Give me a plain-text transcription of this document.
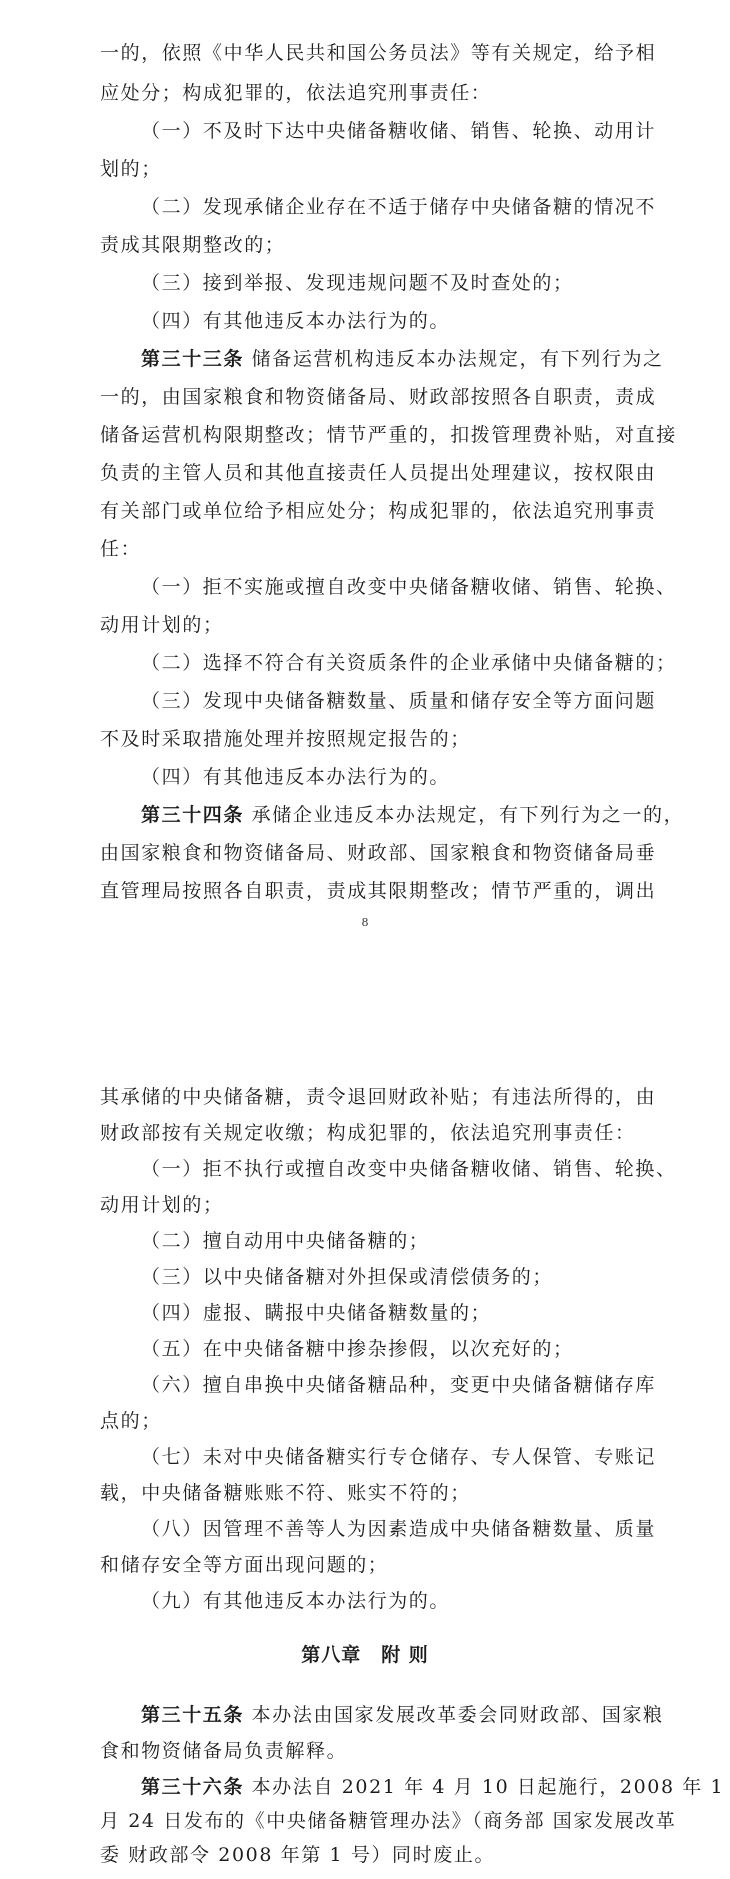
一的，依照《中华人民共和国公务员法》等有关规定，给予相
应处分；构成犯罪的，依法追究刑事责任：
（一）不及时下达中央储备糖收储、销售、轮换、动用计
划的；
（二）发现承储企业存在不适于储存中央储备糖的情况不
责成其限期整改的；
（三）接到举报、发现违规问题不及时查处的；
（四）有其他违反本办法行为的。
第三十三条 储备运营机构违反本办法规定，有下列行为之
一的，由国家粮食和物资储备局、财政部按照各自职责，责成
储备运营机构限期整改；情节严重的，扣拨管理费补贴，对直接
负责的主管人员和其他直接责任人员提出处理建议，按权限由
有关部门或单位给予相应处分；构成犯罪的，依法追究刑事责
任：
（一）拒不实施或擅自改变中央储备糖收储、销售、轮换、
动用计划的；
（二）选择不符合有关资质条件的企业承储中央储备糖的；
（三）发现中央储备糖数量、质量和储存安全等方面问题
不及时采取措施处理并按照规定报告的；
（四）有其他违反本办法行为的。
第三十四条 承储企业违反本办法规定，有下列行为之一的，
由国家粮食和物资储备局、财政部、国家粮食和物资储备局垂
直管理局按照各自职责，责成其限期整改；情节严重的，调出
8
其承储的中央储备糖，责令退回财政补贴；有违法所得的，由
财政部按有关规定收缴；构成犯罪的，依法追究刑事责任：
（一）拒不执行或擅自改变中央储备糖收储、销售、轮换、
动用计划的；
（二）擅自动用中央储备糖的；
（三）以中央储备糖对外担保或清偿债务的；
（四）虚报、瞒报中央储备糖数量的；
（五）在中央储备糖中掺杂掺假，以次充好的；
（六）擅自串换中央储备糖品种，变更中央储备糖储存库
点的；
（七）未对中央储备糖实行专仓储存、专人保管、专账记
载，中央储备糖账账不符、账实不符的；
（八）因管理不善等人为因素造成中央储备糖数量、质量
和储存安全等方面出现问题的；
（九）有其他违反本办法行为的。
第八章　附 则
第三十五条 本办法由国家发展改革委会同财政部、国家粮
食和物资储备局负责解释。
第三十六条 本办法自 2021 年 4 月 10 日起施行，2008 年 1
月 24 日发布的《中央储备糖管理办法》（商务部 国家发展改革
委 财政部令 2008 年第 1 号）同时废止。
